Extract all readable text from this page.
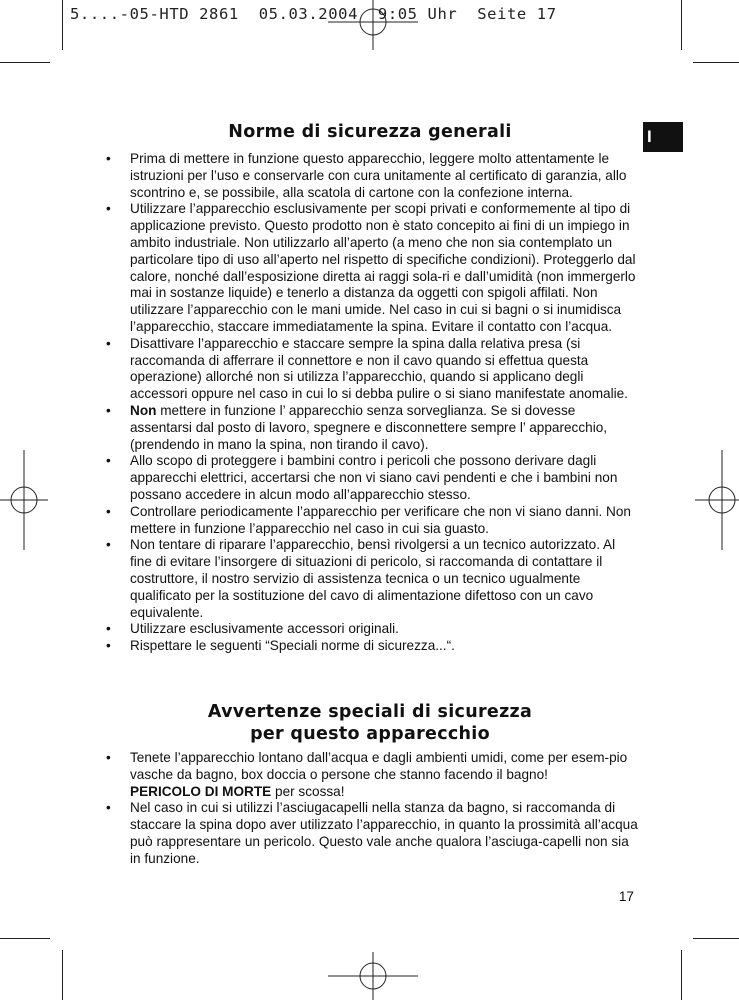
5....-05-HTD 2861  05.03.2004  9:05 Uhr  Seite 17
I
Norme di sicurezza generali
• Prima di mettere in funzione questo apparecchio, leggere molto attentamente le istruzioni per l’uso e conservarle con cura unitamente al certificato di garanzia, allo scontrino e, se possibile, alla scatola di cartone con la confezione interna.
• Utilizzare l’apparecchio esclusivamente per scopi privati e conformemente al tipo di applicazione previsto. Questo prodotto non è stato concepito ai fini di un impiego in ambito industriale. Non utilizzarlo all’aperto (a meno che non sia contemplato un particolare tipo di uso all’aperto nel rispetto di specifiche condizioni). Proteggerlo dal calore, nonché dall’esposizione diretta ai raggi sola-ri e dall’umidità (non immergerlo mai in sostanze liquide) e tenerlo a distanza da oggetti con spigoli affilati. Non utilizzare l’apparecchio con le mani umide. Nel caso in cui si bagni o si inumidisca l’apparecchio, staccare immediatamente la spina. Evitare il contatto con l’acqua.
• Disattivare l’apparecchio e staccare sempre la spina dalla relativa presa (si raccomanda di afferrare il connettore e non il cavo quando si effettua questa operazione) allorché non si utilizza l’apparecchio, quando si applicano degli accessori oppure nel caso in cui lo si debba pulire o si siano manifestate anomalie.
• Non mettere in funzione l’ apparecchio senza sorveglianza. Se si dovesse assentarsi dal posto di lavoro, spegnere e disconnettere sempre l’ apparecchio, (prendendo in mano la spina, non tirando il cavo).
• Allo scopo di proteggere i bambini contro i pericoli che possono derivare dagli apparecchi elettrici, accertarsi che non vi siano cavi pendenti e che i bambini non possano accedere in alcun modo all’apparecchio stesso.
• Controllare periodicamente l’apparecchio per verificare che non vi siano danni. Non mettere in funzione l’apparecchio nel caso in cui sia guasto.
• Non tentare di riparare l’apparecchio, bensì rivolgersi a un tecnico autorizzato. Al fine di evitare l’insorgere di situazioni di pericolo, si raccomanda di contattare il costruttore, il nostro servizio di assistenza tecnica o un tecnico ugualmente qualificato per la sostituzione del cavo di alimentazione difettoso con un cavo equivalente.
• Utilizzare esclusivamente accessori originali.
• Rispettare le seguenti “Speciali norme di sicurezza...“.
Avvertenze speciali di sicurezza
per questo apparecchio
• Tenete l’apparecchio lontano dall’acqua e dagli ambienti umidi, come per esem-pio vasche da bagno, box doccia o persone che stanno facendo il bagno!
PERICOLO DI MORTE per scossa!
• Nel caso in cui si utilizzi l’asciugacapelli nella stanza da bagno, si raccomanda di staccare la spina dopo aver utilizzato l’apparecchio, in quanto la prossimità all’acqua può rappresentare un pericolo. Questo vale anche qualora l’asciuga-capelli non sia in funzione.
17
